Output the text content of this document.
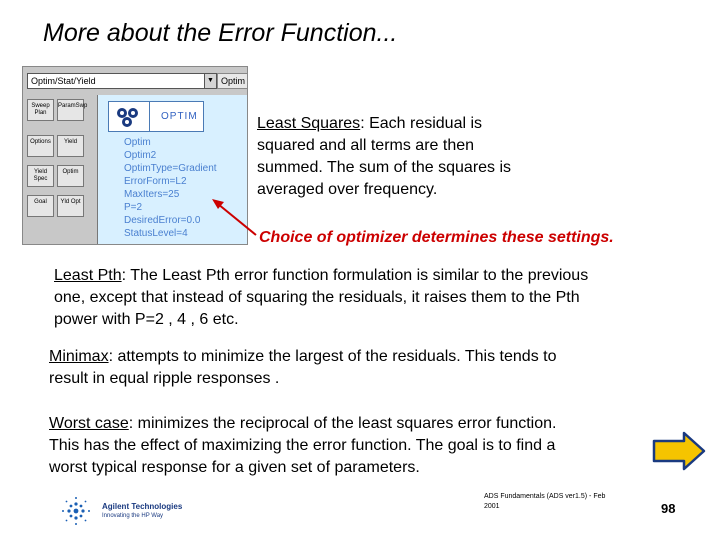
More about the Error Function...
Optim/Stat/Yield	▼ Optim
Sweep Plan
ParamSwp
Options	Yield
Yield Spec
Optim
Goal	Yld Opt
OPTIM
Optim
Optim2
OptimType=Gradient
ErrorForm=L2
MaxIters=25
P=2
DesiredError=0.0
StatusLevel=4
Least Squares: Each residual is
squared and all terms are then
summed. The sum of the squares is
averaged over frequency.
Choice of optimizer determines these settings.
Least Pth: The Least Pth error function formulation is similar to the previous
one, except that instead of squaring the residuals, it raises them to the Pth
power with P=2 , 4 , 6 etc.
Minimax: attempts to minimize the largest of the residuals. This tends to
result in equal ripple responses .
Worst case: minimizes the reciprocal of the least squares error function.
This has the effect of maximizing the error function. The goal is to find a
worst typical response for a given set of parameters.
Agilent Technologies
Innovating the HP Way
ADS Fundamentals (ADS ver1.5) - Feb
2001	98
